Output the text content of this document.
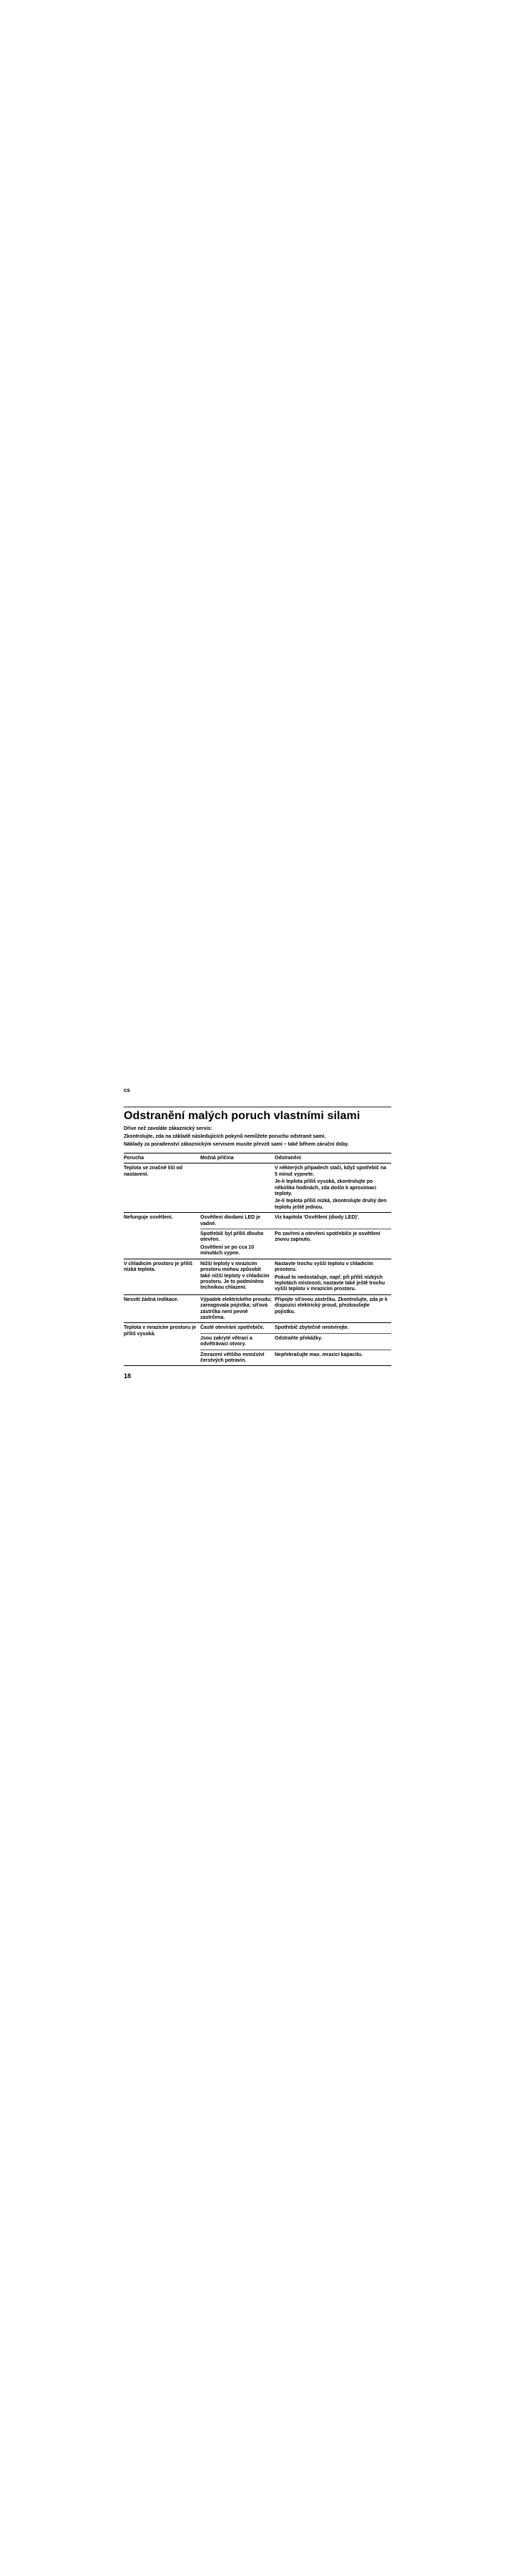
cs
Odstranění malých poruch vlastními silami

Dříve než zavoláte zákaznický servis:

Zkontrolujte, zda na základě následujících pokynů nemůžete poruchu odstranit sami.

Náklady za poradenství zákaznickým servisem musíte převzít sami – také během záruční doby.

Porucha	Možná příčina	Odstranění
Teplota se značně liší od nastavení.		V některých případech stačí, když spotřebič na 5 minut vypnete.
		Je-li teplota příliš vysoká, zkontrolujte po několika hodinách, zda došlo k aproximaci teploty.
		Je-li teplota příliš nízká, zkontrolujte druhý den teplotu ještě jednou.
Nefunguje osvětlení.	Osvětlení diodami LED je vadné.	Viz kapitola 'Osvětlení (diody LED)'.
	Spotřebič byl příliš dlouho otevřen.	Po zavření a otevření spotřebiče je osvětlení znovu zapnuto.
	Osvětlení se po cca 10 minutách vypne.	
V chladicím prostoru je příliš nízká teplota.	Nižší teploty v mrazicím prostoru mohou způsobit také nižší teploty v chladicím prostoru. Je to podmíněno technikou chlazení.	Nastavte trochu vyšší teplotu v chladicím prostoru.
		Pokud to nedostačuje, např. při příliš nízkých teplotách místnosti, nastavte také ještě trochu vyšší teplotu v mrazicím prostoru.
Nesvítí žádná indikace.	Výpadek elektrického proudu; zareagovala pojistka; síťová zástrčka není pevně zastrčena.	Připojte síťovou zástrčku. Zkontrolujte, zda je k dispozici elektrický proud, přezkoušejte pojistku.
Teplota v mrazicím prostoru je příliš vysoká.	Časté otevírání spotřebiče.	Spotřebič zbytečně neotvírejte.
	Jsou zakryté větrací a odvětrávací otvory.	Odstraňte překážky.
	Zmrazení většího množství čerstvých potravin.	Nepřekračujte max. mrazicí kapacitu.
18
